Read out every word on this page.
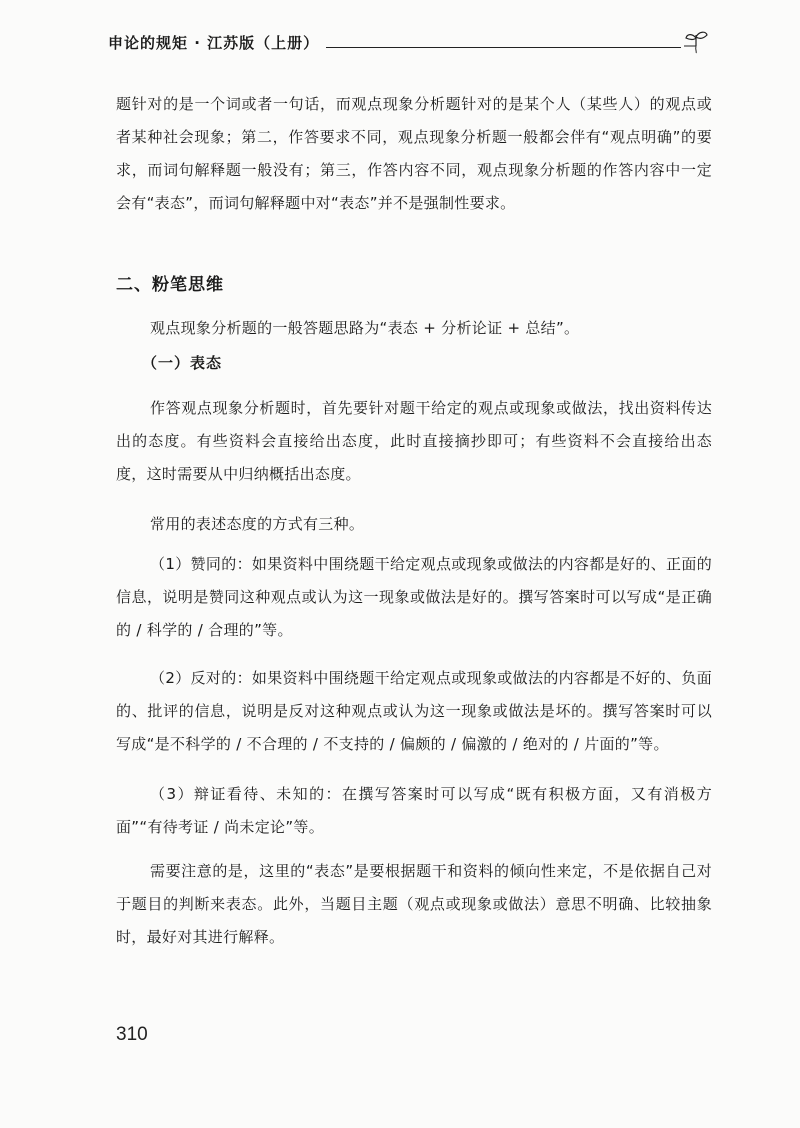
申论的规矩 · 江苏版（上册）

题针对的是一个词或者一句话，而观点现象分析题针对的是某个人（某些人）的观点或者某种社会现象；第二，作答要求不同，观点现象分析题一般都会伴有“观点明确”的要求，而词句解释题一般没有；第三，作答内容不同，观点现象分析题的作答内容中一定会有“表态”，而词句解释题中对“表态”并不是强制性要求。

二、粉笔思维

观点现象分析题的一般答题思路为“表态 + 分析论证 + 总结”。

（一）表态

作答观点现象分析题时，首先要针对题干给定的观点或现象或做法，找出资料传达出的态度。有些资料会直接给出态度，此时直接摘抄即可；有些资料不会直接给出态度，这时需要从中归纳概括出态度。

常用的表述态度的方式有三种。

（1）赞同的：如果资料中围绕题干给定观点或现象或做法的内容都是好的、正面的信息，说明是赞同这种观点或认为这一现象或做法是好的。撰写答案时可以写成“是正确的 / 科学的 / 合理的”等。

（2）反对的：如果资料中围绕题干给定观点或现象或做法的内容都是不好的、负面的、批评的信息，说明是反对这种观点或认为这一现象或做法是坏的。撰写答案时可以写成“是不科学的 / 不合理的 / 不支持的 / 偏颇的 / 偏激的 / 绝对的 / 片面的”等。

（3）辩证看待、未知的：在撰写答案时可以写成“既有积极方面，又有消极方面”“有待考证 / 尚未定论”等。

需要注意的是，这里的“表态”是要根据题干和资料的倾向性来定，不是依据自己对于题目的判断来表态。此外，当题目主题（观点或现象或做法）意思不明确、比较抽象时，最好对其进行解释。

310
